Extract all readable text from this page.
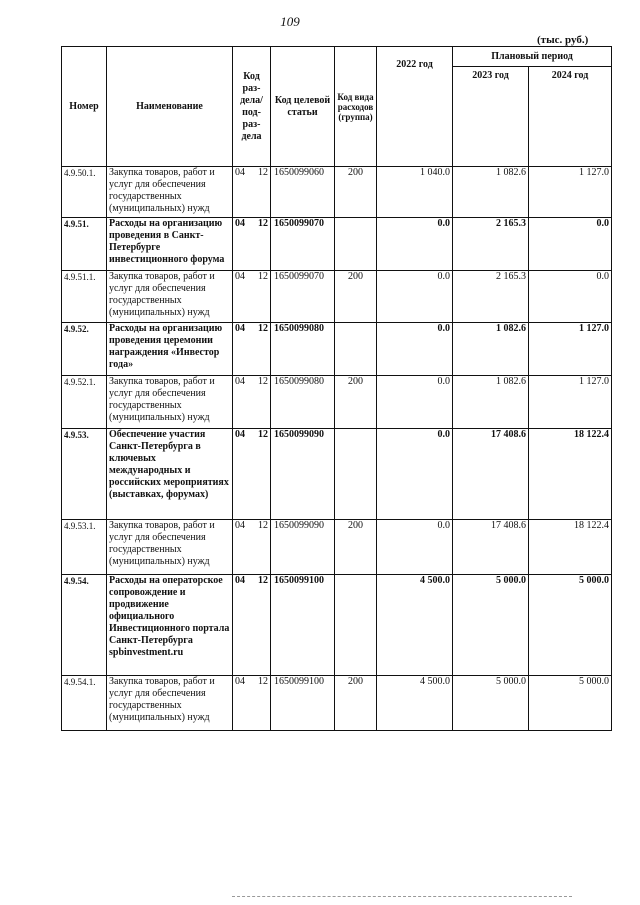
109
(тыс. руб.)
Номер	Наименование	Код раз-дела/ под-раз-дела		Код целевой статьи	Код вида расходов (группа)	2022 год	Плановый период	
							2023 год	2024 год
4.9.50.1.	Закупка товаров, работ и услуг для обеспечения государственных (муниципальных) нужд	04	12	1650099060	200	1 040.0	1 082.6	1 127.0
4.9.51.	Расходы на организацию проведения в Санкт-Петербурге инвестиционного форума	04	12	1650099070		0.0	2 165.3	0.0
4.9.51.1.	Закупка товаров, работ и услуг для обеспечения государственных (муниципальных) нужд	04	12	1650099070	200	0.0	2 165.3	0.0
4.9.52.	Расходы на организацию проведения церемонии награждения «Инвестор года»	04	12	1650099080		0.0	1 082.6	1 127.0
4.9.52.1.	Закупка товаров, работ и услуг для обеспечения государственных (муниципальных) нужд	04	12	1650099080	200	0.0	1 082.6	1 127.0
4.9.53.	Обеспечение участия Санкт-Петербурга в ключевых международных и российских мероприятиях (выставках, форумах)	04	12	1650099090		0.0	17 408.6	18 122.4
4.9.53.1.	Закупка товаров, работ и услуг для обеспечения государственных (муниципальных) нужд	04	12	1650099090	200	0.0	17 408.6	18 122.4
4.9.54.	Расходы на операторское сопровождение и продвижение официального Инвестиционного портала Санкт-Петербурга spbinvestment.ru	04	12	1650099100		4 500.0	5 000.0	5 000.0
4.9.54.1.	Закупка товаров, работ и услуг для обеспечения государственных (муниципальных) нужд	04	12	1650099100	200	4 500.0	5 000.0	5 000.0
